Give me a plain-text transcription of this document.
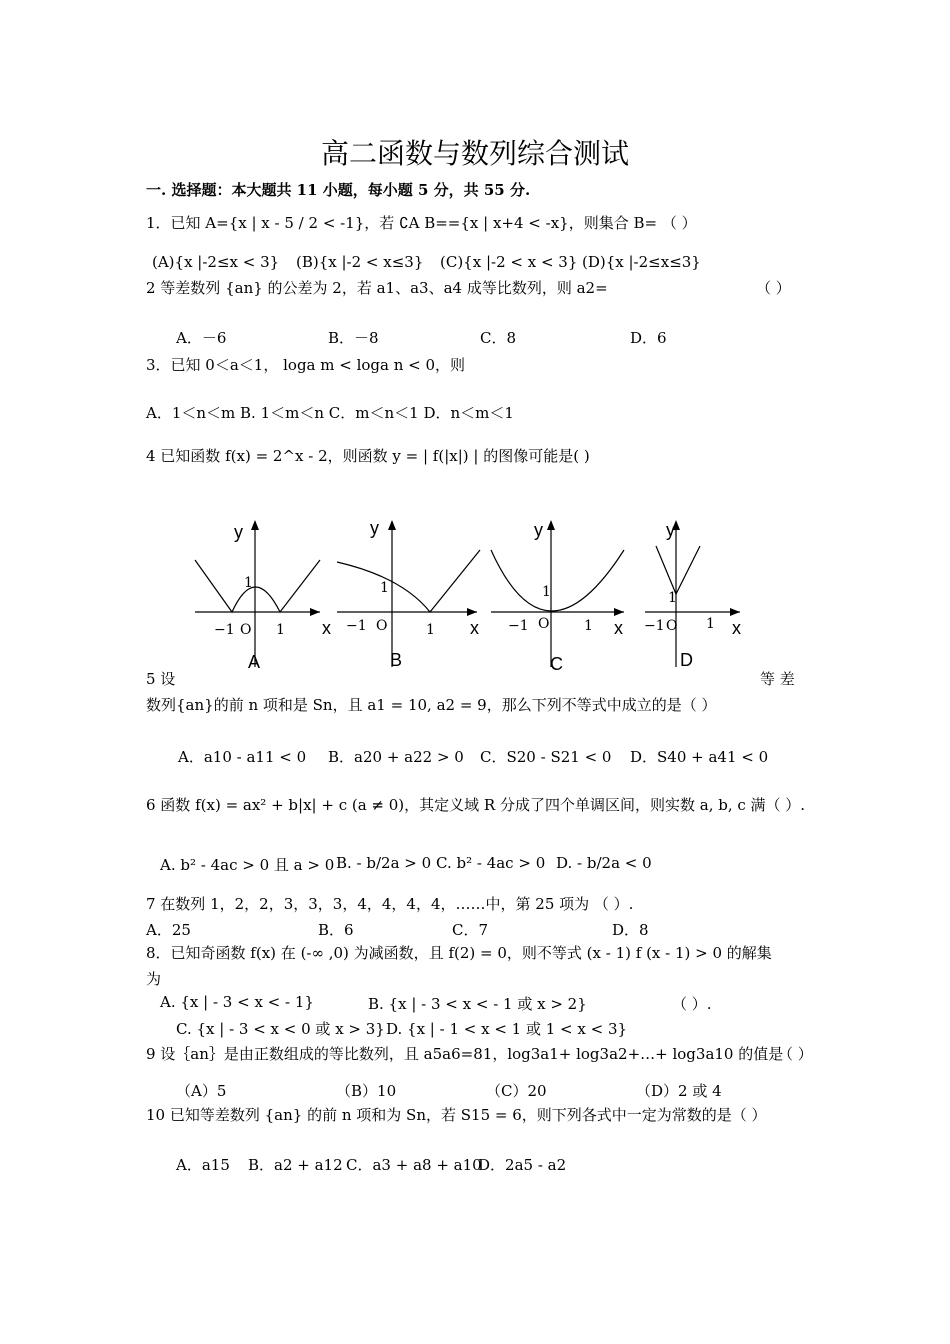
高二函数与数列综合测试
一. 选择题：本大题共 11 小题，每小题 5 分，共 55 分.
1．已知 A={x | x - 5 / 2 < -1}，若 ∁A B=={x | x+4 < -x}，则集合 B= （ ）
(A){x |-2≤x < 3} (B){x |-2 < x≤3} (C){x |-2 < x < 3} (D){x |-2≤x≤3}
2 等差数列 {an} 的公差为 2，若 a1、a3、a4 成等比数列，则 a2=	（ ）
A．－6	B．－8	C．8	D．6
3．已知 0＜a＜1， loga m < loga n < 0，则
A．1＜n＜m B. 1＜m＜n C．m＜n＜1 D．n＜m＜1
4 已知函数 f(x) = 2^x - 2，则函数 y = | f(|x|) | 的图像可能是( )
y
x
−1 O 1
1
A
y
x
−1 O	1
1
B
y
x
−1 O 1
1
C
y
x
−1 O 1
1
D
5 设	等 差
数列{an}的前 n 项和是 Sn，且 a1 = 10, a2 = 9，那么下列不等式中成立的是（ ）
A．a10 - a11 < 0 B．a20 + a22 > 0 C．S20 - S21 < 0 D．S40 + a41 < 0
6 函数 f(x) = ax² + b|x| + c (a ≠ 0)，其定义域 R 分成了四个单调区间，则实数 a, b, c 满（ ）.
A. b² - 4ac > 0 且 a > 0 B. - b/2a > 0 C. b² - 4ac > 0 D. - b/2a < 0
7 在数列 1，2，2，3，3，3，4，4，4，4，……中，第 25 项为 （ ）.
A．25	B．6	C．7	D．8
8．已知奇函数 f(x) 在 (-∞ ,0) 为减函数，且 f(2) = 0，则不等式 (x - 1) f (x - 1) > 0 的解集
为
A. {x | - 3 < x < - 1}	B. {x | - 3 < x < - 1 或 x > 2}	（ ）.
C. {x | - 3 < x < 0 或 x > 3} D. {x | - 1 < x < 1 或 1 < x < 3}
9 设｛an｝是由正数组成的等比数列，且 a5a6=81，log3a1+ log3a2+…+ log3a10 的值是
（ ）
（A）5	（B）10	（C）20	（D）2 或 4
10 已知等差数列 {an} 的前 n 项和为 Sn，若 S15 = 6，则下列各式中一定为常数的是（ ）
A．a15 B．a2 + a12 C．a3 + a8 + a10
D．2a5 - a2
